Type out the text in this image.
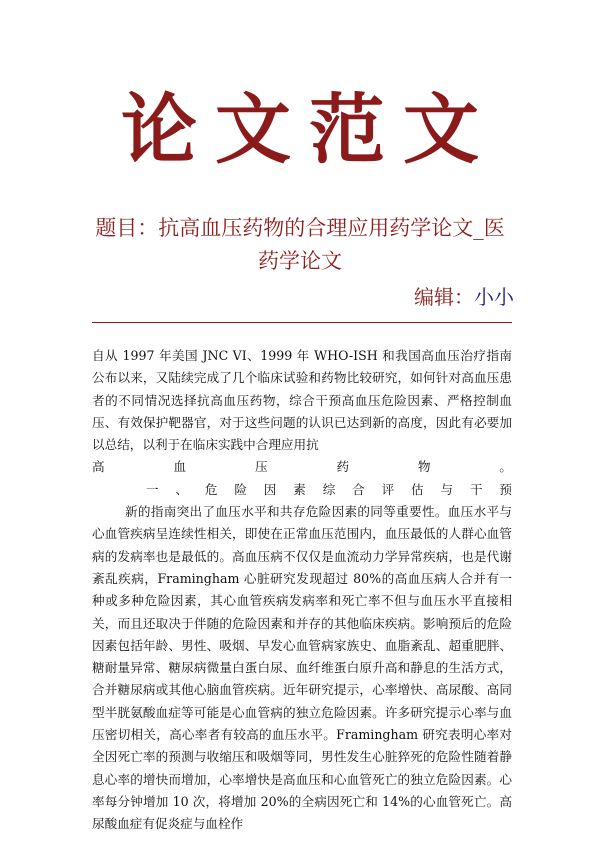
论文范文
题目：抗高血压药物的合理应用药学论文_医药学论文
编辑：小小

自从 1997 年美国 JNC VI、1999 年 WHO-ISH 和我国高血压治疗指南公布以来，又陆续完成了几个临床试验和药物比较研究，如何针对高血压患者的不同情况选择抗高血压药物，综合干预高血压危险因素、严格控制血压、有效保护靶器官，对于这些问题的认识已达到新的高度，因此有必要加以总结，以利于在临床实践中合理应用抗

高　血　压　药　物　。

一、危险因素综合评估与干预

新的指南突出了血压水平和共存危险因素的同等重要性。血压水平与心血管疾病呈连续性相关，即使在正常血压范围内，血压最低的人群心血管病的发病率也是最低的。高血压病不仅仅是血流动力学异常疾病，也是代谢紊乱疾病，Framingham 心脏研究发现超过 80%的高血压病人合并有一种或多种危险因素，其心血管疾病发病率和死亡率不但与血压水平直接相关，而且还取决于伴随的危险因素和并存的其他临床疾病。影响预后的危险因素包括年龄、男性、吸烟、早发心血管病家族史、血脂紊乱、超重肥胖、糖耐量异常、糖尿病微量白蛋白尿、血纤维蛋白原升高和静息的生活方式，合并糖尿病或其他心脑血管疾病。近年研究提示，心率增快、高尿酸、高同型半胱氨酸血症等可能是心血管病的独立危险因素。许多研究提示心率与血压密切相关，高心率者有较高的血压水平。Framingham 研究表明心率对全因死亡率的预测与收缩压和吸烟等同，男性发生心脏猝死的危险性随着静息心率的增快而增加，心率增快是高血压和心血管死亡的独立危险因素。心率每分钟增加 10 次，将增加 20%的全病因死亡和 14%的心血管死亡。高尿酸血症有促炎症与血栓作
